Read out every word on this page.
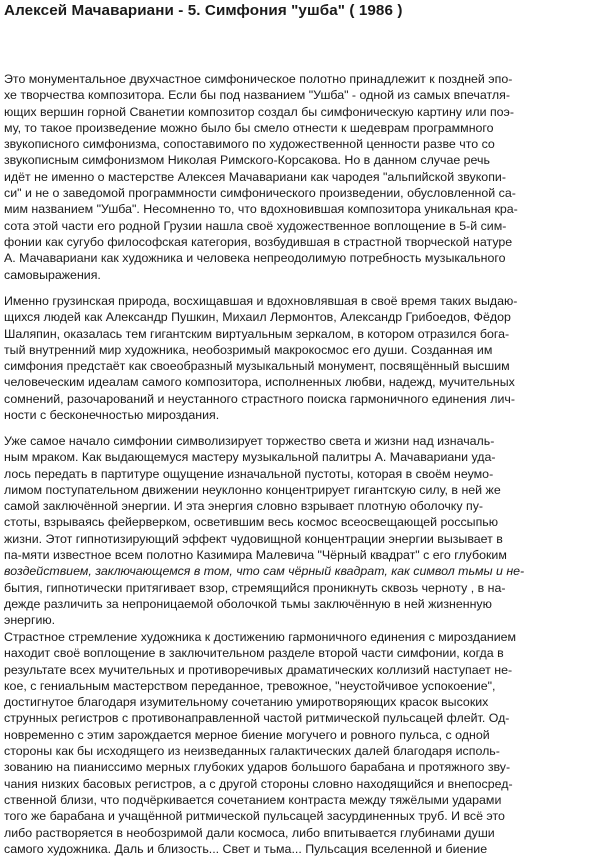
Алексей Мачавариани - 5. Симфония "ушба" ( 1986 )
Это монументальное двухчастное симфоническое полотно принадлежит к поздней эпо-
хе творчества композитора. Если бы под названием "Ушба" - одной из самых впечатля-
ющих вершин горной Сванетии композитор создал бы симфоническую картину или поэ-
му, то такое произведение можно было бы смело отнести к шедеврам программного
звукописного симфонизма, сопоставимого по художественной ценности разве что со
звукописным симфонизмом Николая Римского-Корсакова. Но в данном случае речь
идёт не именно о мастерстве Алексея Мачавариани как чародея "альпийской звукопи-
си" и не о заведомой программности симфонического произведении, обусловленной са-
мим названием "Ушба". Несомненно то, что вдохновившая композитора уникальная кра-
сота этой части его родной Грузии нашла своё художественное воплощение в 5-й сим-
фонии как сугубо философская категория, возбудившая в страстной творческой натуре
А. Мачавариани как художника и человека непреодолимую потребность музыкального
самовыражения.
Именно грузинская природа, восхищавшая и вдохновлявшая в своё время таких выдаю-
щихся людей как Александр Пушкин, Михаил Лермонтов, Александр Грибоедов, Фёдор
Шаляпин, оказалась тем гигантским виртуальным зеркалом, в котором отразился бога-
тый внутренний мир художника, необозримый макрокосмос его души. Созданная им
симфония предстаёт как своеобразный музыкальный монумент, посвящённый высшим
человеческим идеалам самого композитора, исполненных любви, надежд, мучительных
сомнений, разочарований и неустанного страстного поиска гармоничного единения лич-
ности с бесконечностью мироздания.
Уже самое начало симфонии символизирует торжество света и жизни над изначаль-
ным мраком. Как выдающемуся мастеру музыкальной палитры А. Мачавариани уда-
лось передать в партитуре ощущение изначальной пустоты, которая в своём неумо-
лимом поступательном движении неуклонно концентрирует гигантскую силу, в ней же
самой заключённой энергии. И эта энергия словно взрывает плотную оболочку пу-
стоты, взрываясь фейерверком, осветившим весь космос всеосвещающей россыпью
жизни. Этот гипнотизирующий эффект чудовищной концентрации энергии вызывает в
па-мяти известное всем полотно Казимира Малевича "Чёрный квадрат" с его глубоким
воздействием, заключающемся в том, что сам чёрный квадрат, как символ тьмы и не-
бытия, гипнотически притягивает взор, стремящийся проникнуть сквозь черноту , в на-
дежде различить за непроницаемой оболочкой тьмы заключённую в ней жизненную
энергию.
Страстное стремление художника к достижению гармоничного единения с мирозданием
находит своё воплощение в заключительном разделе второй части симфонии, когда в
результате всех мучительных и противоречивых драматических коллизий наступает не-
кое, с гениальным мастерством переданное, тревожное, "неустойчивое успокоение",
достигнутое благодаря изумительному сочетанию умиротворяющих красок высоких
струнных регистров с противонаправленной частой ритмической пульсацей флейт. Од-
новременно с этим зарождается мерное биение могучего и ровного пульса, с одной
стороны как бы исходящего из неизведанных галактических далей благодаря исполь-
зованию на пианиссимо мерных глубоких ударов большого барабана и протяжного зву-
чания низких басовых регистров, а с другой стороны словно находящийся и внепосред-
ственной близи, что подчёркивается сочетанием контраста между тяжёлыми ударами
того же барабана и учащённой ритмической пульсацей засурдиненных труб. И всё это
либо растворяется в необозримой дали космоса, либо впитывается глубинами души
самого художника. Даль и близость... Свет и тьма... Пульсация вселенной и биение
